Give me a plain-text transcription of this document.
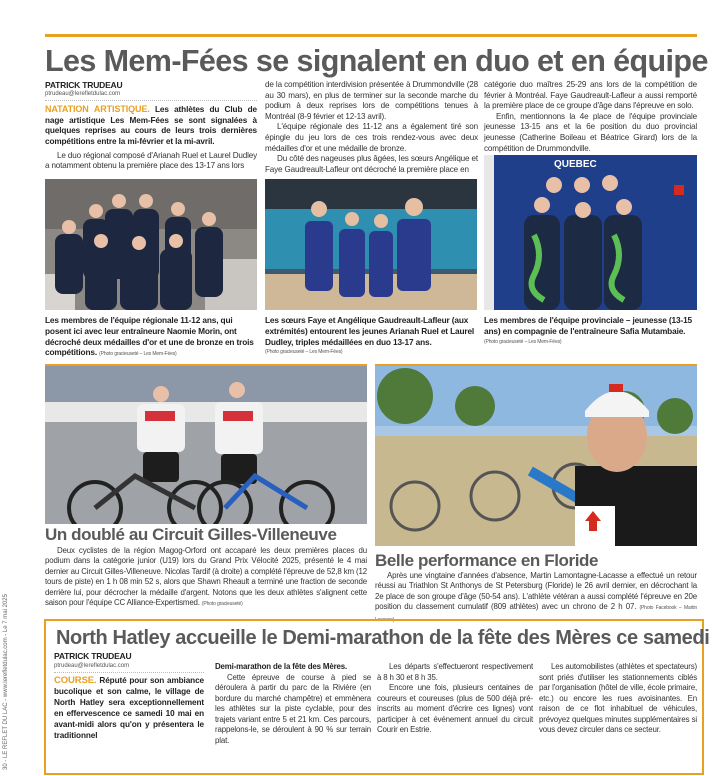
30 - LE REFLET DU LAC - www.lerefletdulac.com - Le 7 mai 2025
Les Mem-Fées se signalent en duo et en équipe
PATRICK TRUDEAU
ptrudeau@lerefletdulac.com
NATATION ARTISTIQUE. Les athlètes du Club de nage artistique Les Mem-Fées se sont signalées à quelques reprises au cours de leurs trois dernières compétitions entre la mi-février et la mi-avril.

Le duo régional composé d'Arianah Ruel et Laurel Dudley a notamment obtenu la première place des 13-17 ans lors

de la compétition interdivision présentée à Drummondville (28 au 30 mars), en plus de terminer sur la seconde marche du podium à deux reprises lors de compétitions tenues à Montréal (8-9 février et 12-13 avril).

L'équipe régionale des 11-12 ans a également tiré son épingle du jeu lors de ces trois rendez-vous avec deux médailles d'or et une médaille de bronze.

Du côté des nageuses plus âgées, les sœurs Angélique et Faye Gaudreault-Lafleur ont décroché la première place en

catégorie duo maîtres 25-29 ans lors de la compétition de février à Montréal. Faye Gaudreault-Lafleur a aussi remporté la première place de ce groupe d'âge dans l'épreuve en solo.

Enfin, mentionnons la 4e place de l'équipe provinciale jeunesse 13-15 ans et la 6e position du duo provincial jeunesse (Catherine Boileau et Béatrice Girard) lors de la compétition de Drummondville.

Les membres de l'équipe régionale 11-12 ans, qui posent ici avec leur entraîneure Naomie Morin, ont décroché deux médailles d'or et une de bronze en trois compétitions. (Photo gracieuseté – Les Mem-Fées)
Les sœurs Faye et Angélique Gaudreault-Lafleur (aux extrémités) entourent les jeunes Arianah Ruel et Laurel Dudley, triples médaillées en duo 13-17 ans.
(Photo gracieuseté – Les Mem-Fées)
QUEBEC
Les membres de l'équipe provinciale – jeunesse (13-15 ans) en compagnie de l'entraîneure Safia Mutambaie.
(Photo gracieuseté – Les Mem-Fées)
Un doublé au Circuit Gilles-Villeneuve

Deux cyclistes de la région Magog-Orford ont accaparé les deux premières places du podium dans la catégorie junior (U19) lors du Grand Prix Vélocité 2025, présenté le 4 mai dernier au Circuit Gilles-Villeneuve. Nicolas Tardif (à droite) a complété l'épreuve de 52,8 km (12 tours de piste) en 1 h 08 min 52 s, alors que Shawn Rheault a terminé une fraction de seconde derrière lui, pour décrocher la médaille d'argent. Notons que les deux athlètes s'alignent cette saison pour l'équipe CC Alliance-Expertismed. (Photo gracieuseté)

Belle performance en Floride

Après une vingtaine d'années d'absence, Martin Lamontagne-Lacasse a effectué un retour réussi au Triathlon St Anthonys de St Petersburg (Floride) le 26 avril dernier, en décrochant la 2e place de son groupe d'âge (50-54 ans). L'athlète vétéran a aussi complété l'épreuve en 20e position du classement cumulatif (809 athlètes) avec un chrono de 2 h 07. (Photo Facebook – Martin Lacasse)

North Hatley accueille le Demi-marathon de la fête des Mères ce samedi
PATRICK TRUDEAU
ptrudeau@lerefletdulac.com
COURSE. Réputé pour son ambiance bucolique et son calme, le village de North Hatley sera exceptionnellement en effervescence ce samedi 10 mai en avant-midi alors qu'on y présentera le traditionnel

Demi-marathon de la fête des Mères.

Cette épreuve de course à pied se déroulera à partir du parc de la Rivière (en bordure du marché champêtre) et emmènera les athlètes sur la piste cyclable, pour des trajets variant entre 5 et 21 km. Ces parcours, rappelons-le, se déroulent à 90 % sur terrain plat.

Les départs s'effectueront respectivement à 8 h 30 et 8 h 35.

Encore une fois, plusieurs centaines de coureurs et coureuses (plus de 500 déjà pré-inscrits au moment d'écrire ces lignes) vont participer à cet événement annuel du circuit Courir en Estrie.

Les automobilistes (athlètes et spectateurs) sont priés d'utiliser les stationnements ciblés par l'organisation (hôtel de ville, école primaire, etc.) ou encore les rues avoisinantes. En raison de ce flot inhabituel de véhicules, prévoyez quelques minutes supplémentaires si vous devez circuler dans ce secteur.
